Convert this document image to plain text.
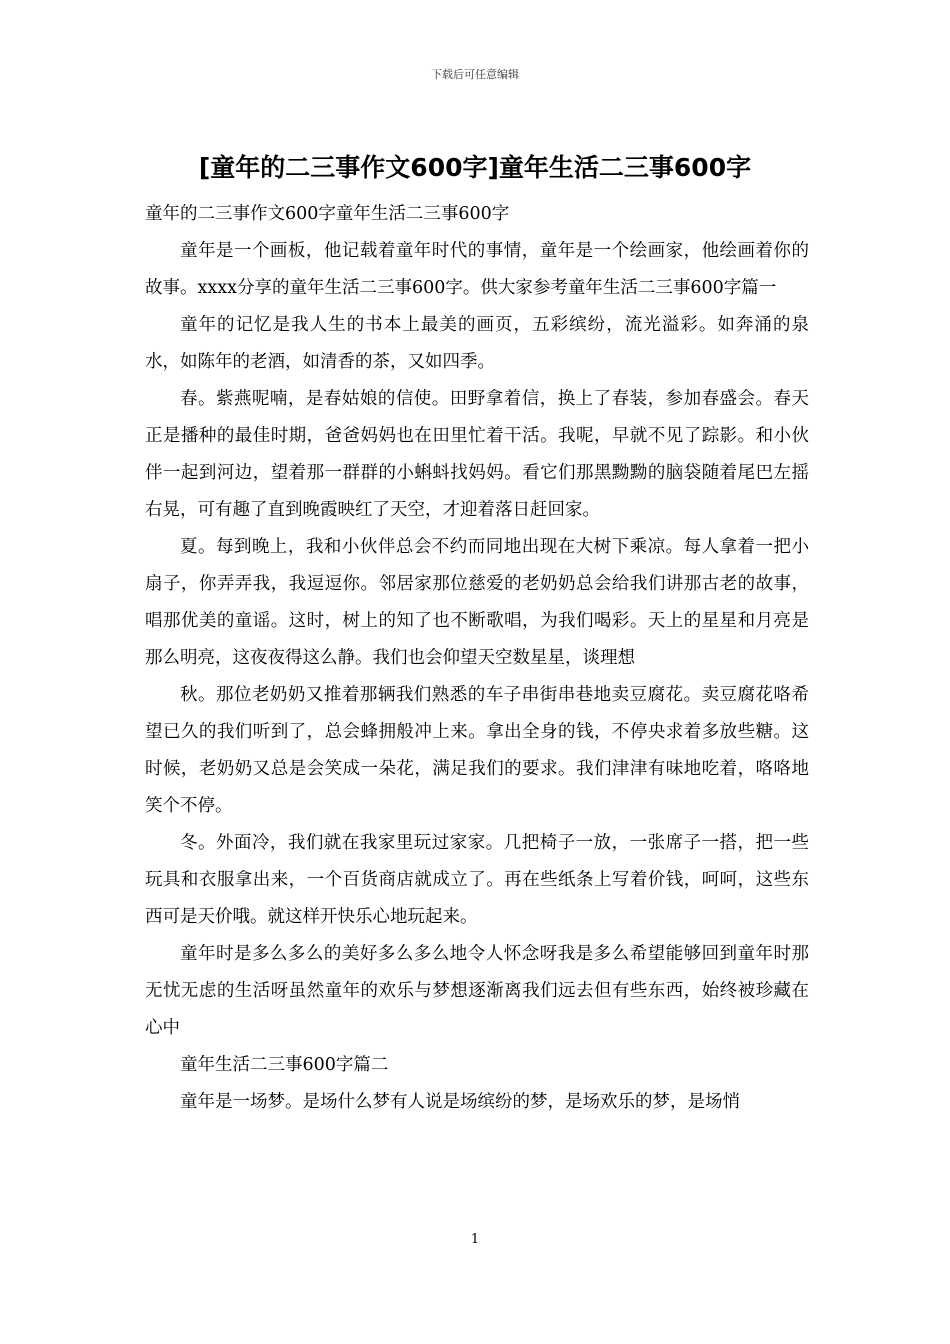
下载后可任意编辑
[童年的二三事作文600字]童年生活二三事600字

童年的二三事作文600字童年生活二三事600字

童年是一个画板，他记载着童年时代的事情，童年是一个绘画家，他绘画着你的故事。xxxx分享的童年生活二三事600字。供大家参考童年生活二三事600字篇一

童年的记忆是我人生的书本上最美的画页，五彩缤纷，流光溢彩。如奔涌的泉水，如陈年的老酒，如清香的茶，又如四季。

春。紫燕呢喃，是春姑娘的信使。田野拿着信，换上了春装，参加春盛会。春天正是播种的最佳时期，爸爸妈妈也在田里忙着干活。我呢，早就不见了踪影。和小伙伴一起到河边，望着那一群群的小蝌蚪找妈妈。看它们那黑黝黝的脑袋随着尾巴左摇右晃，可有趣了直到晚霞映红了天空，才迎着落日赶回家。

夏。每到晚上，我和小伙伴总会不约而同地出现在大树下乘凉。每人拿着一把小扇子，你弄弄我，我逗逗你。邻居家那位慈爱的老奶奶总会给我们讲那古老的故事，唱那优美的童谣。这时，树上的知了也不断歌唱，为我们喝彩。天上的星星和月亮是那么明亮，这夜夜得这么静。我们也会仰望天空数星星，谈理想

秋。那位老奶奶又推着那辆我们熟悉的车子串街串巷地卖豆腐花。卖豆腐花咯希望已久的我们听到了，总会蜂拥般冲上来。拿出全身的钱，不停央求着多放些糖。这时候，老奶奶又总是会笑成一朵花，满足我们的要求。我们津津有味地吃着，咯咯地笑个不停。

冬。外面冷，我们就在我家里玩过家家。几把椅子一放，一张席子一搭，把一些玩具和衣服拿出来，一个百货商店就成立了。再在些纸条上写着价钱，呵呵，这些东西可是天价哦。就这样开快乐心地玩起来。

童年时是多么多么的美好多么多么地令人怀念呀我是多么希望能够回到童年时那无忧无虑的生活呀虽然童年的欢乐与梦想逐渐离我们远去但有些东西，始终被珍藏在心中

童年生活二三事600字篇二

童年是一场梦。是场什么梦有人说是场缤纷的梦，是场欢乐的梦，是场悄

1
